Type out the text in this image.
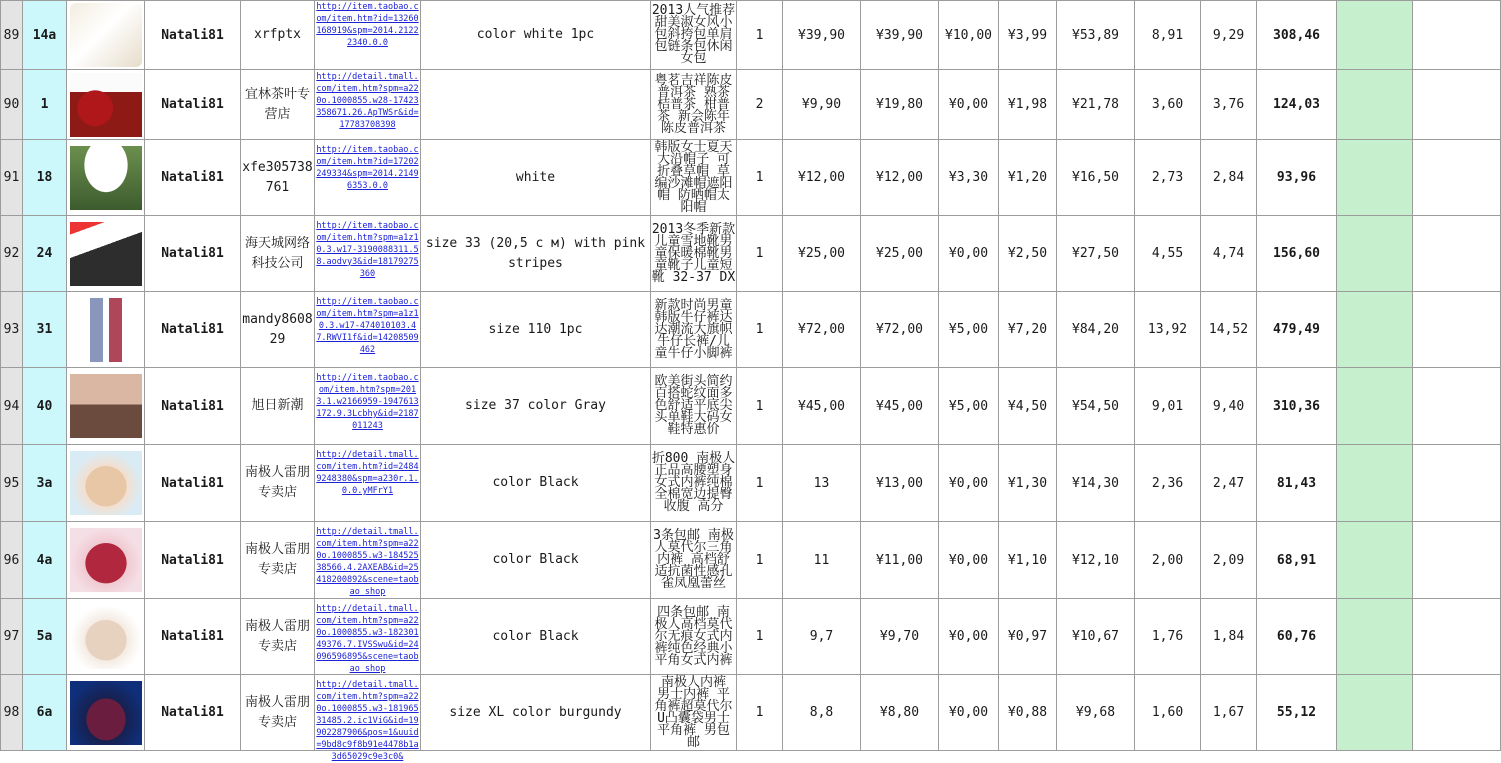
89	14a		Natali81	xrfptx	http://item.taobao.com/item.htm?id=13260168919&spm=2014.21222340.0.0	color white 1pc	2013人气推荐甜美淑女风小包斜挎包单肩包链条包休闲女包	1	¥39,90	¥39,90	¥10,00	¥3,99	¥53,89	8,91	9,29	308,46		
90	1		Natali81	宜林茶叶专营店	http://detail.tmall.com/item.htm?spm=a220o.1000855.w28-17423358671.26.ApTWSr&id=17783708398		粤茗吉祥陈皮普洱茶 熟茶 桔普茶 柑普茶 新会陈年陈皮普洱茶	2	¥9,90	¥19,80	¥0,00	¥1,98	¥21,78	3,60	3,76	124,03		
91	18		Natali81	xfe305738761	http://item.taobao.com/item.htm?id=17202249334&spm=2014.21496353.0.0	white	韩版女士夏天大沿帽子 可折叠草帽 草编沙滩帽遮阳帽 防晒帽太阳帽	1	¥12,00	¥12,00	¥3,30	¥1,20	¥16,50	2,73	2,84	93,96		
92	24		Natali81	海天城网络科技公司	http://item.taobao.com/item.htm?spm=a1z10.3.w17-3190088311.58.aodvy3&id=18179275360	size 33 (20,5 с м) with pink stripes	2013冬季新款儿童雪地靴男童保暖棉靴男童靴子儿童短靴 32-37 DX	1	¥25,00	¥25,00	¥0,00	¥2,50	¥27,50	4,55	4,74	156,60		
93	31		Natali81	mandy860829	http://item.taobao.com/item.htm?spm=a1z10.3.w17-474010103.47.RWVI1f&id=14208509462	size 110 1pc	新款时尚男童韩版牛仔裤达达潮流大旗帜牛仔长裤/儿童牛仔小脚裤	1	¥72,00	¥72,00	¥5,00	¥7,20	¥84,20	13,92	14,52	479,49		
94	40		Natali81	旭日新潮	http://item.taobao.com/item.htm?spm=2013.1.w2166959-1947613172.9.3Lcbhy&id=2187011243	size 37 color Gray	欧美街头简约百搭蛇纹面多色舒适平底尖头单鞋大码女鞋特惠价	1	¥45,00	¥45,00	¥5,00	¥4,50	¥54,50	9,01	9,40	310,36		
95	3a		Natali81	南极人雷朋专卖店	http://detail.tmall.com/item.htm?id=24849248380&spm=a230r.1.0.0.yMFrY1	color Black	折800 南极人正品高腰塑身女式内裤纯棉全棉宽边提臀收腹 高分	1	13	¥13,00	¥0,00	¥1,30	¥14,30	2,36	2,47	81,43		
96	4a		Natali81	南极人雷朋专卖店	http://detail.tmall.com/item.htm?spm=a220o.1000855.w3-18452538566.4.2AXEAB&id=25418200892&scene=taobao_shop	color Black	3条包邮 南极人莫代尔三角内裤 高档舒适抗菌性感孔雀凤凰蕾丝	1	11	¥11,00	¥0,00	¥1,10	¥12,10	2,00	2,09	68,91		
97	5a		Natali81	南极人雷朋专卖店	http://detail.tmall.com/item.htm?spm=a220o.1000855.w3-18230149376.7.IVSSwu&id=24096596895&scene=taobao_shop	color Black	四条包邮 南极人高档莫代尔无痕女式内裤纯色经典小平角女式内裤	1	9,7	¥9,70	¥0,00	¥0,97	¥10,67	1,76	1,84	60,76		
98	6a		Natali81	南极人雷朋专卖店	http://detail.tmall.com/item.htm?spm=a220o.1000855.w3-18196531485.2.ic1ViG&id=19902287906&pos=1&uuid=9bd8c9f8b91e4478b1a3d65029c9e3c0&	size XL color burgundy	南极人内裤 男士内裤 平角裤超莫代尔U凸囊袋男士平角裤 男包邮	1	8,8	¥8,80	¥0,00	¥0,88	¥9,68	1,60	1,67	55,12		
